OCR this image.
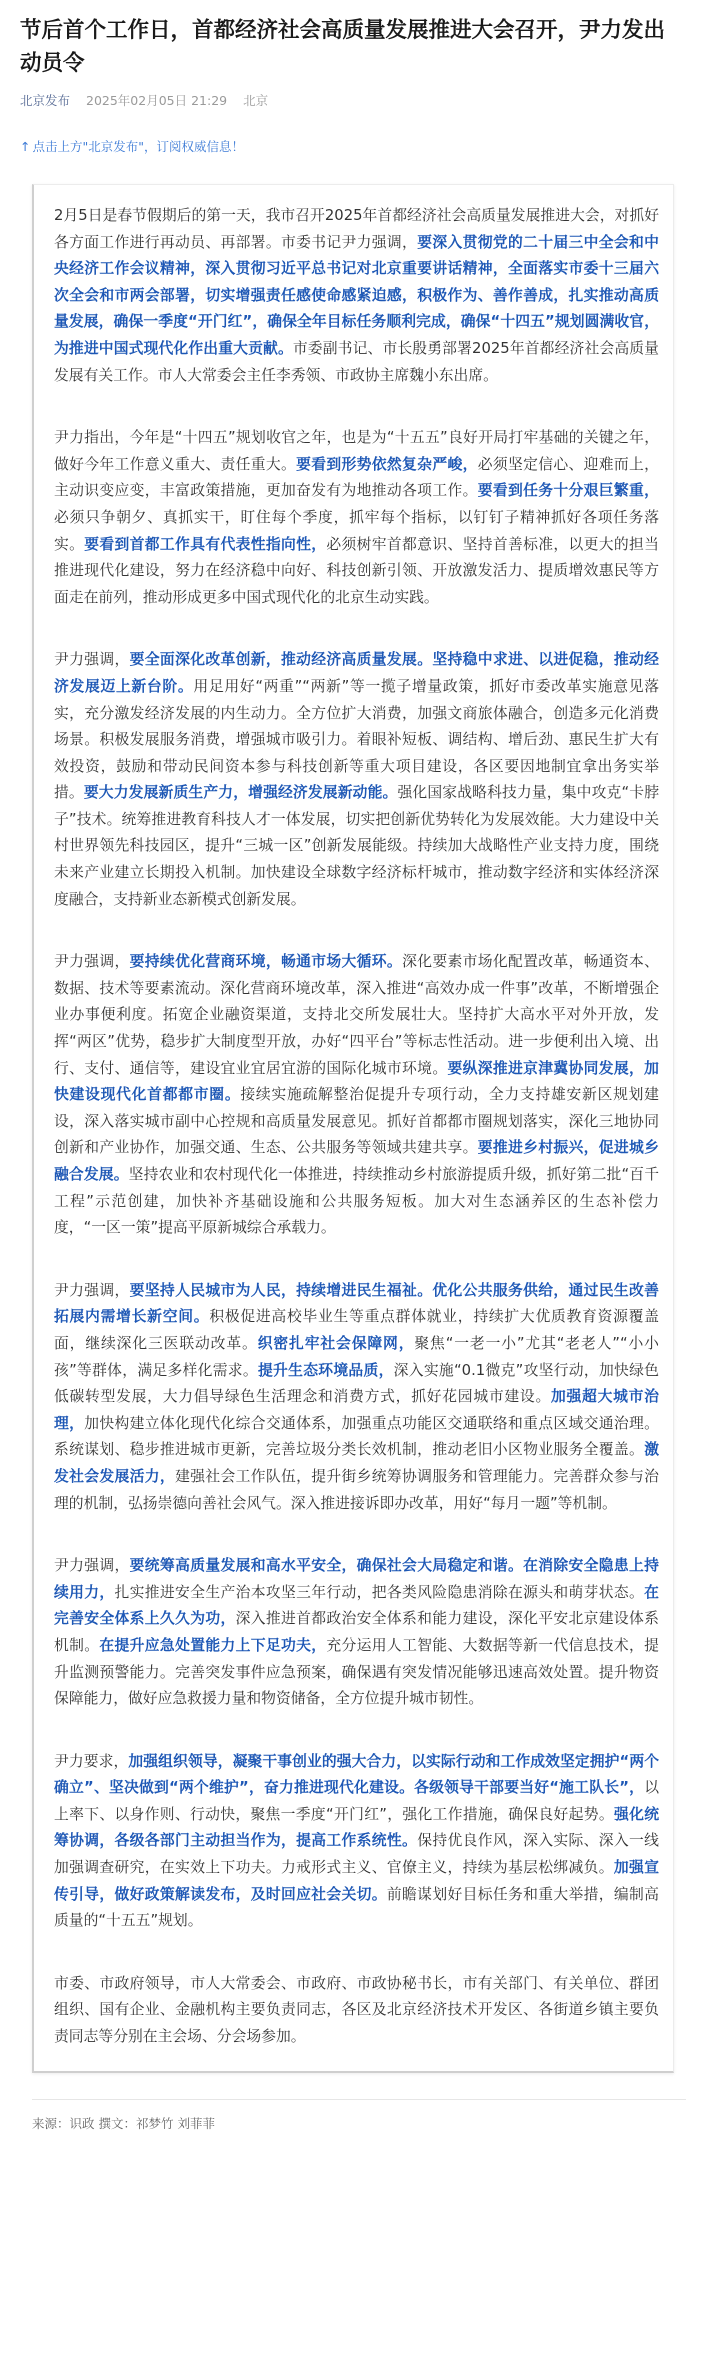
节后首个工作日，首都经济社会高质量发展推进大会召开，尹力发出动员令
北京发布 2025年02月05日 21:29 北京
↑ 点击上方"北京发布"，订阅权威信息！

2月5日是春节假期后的第一天，我市召开2025年首都经济社会高质量发展推进大会，对抓好各方面工作进行再动员、再部署。市委书记尹力强调，要深入贯彻党的二十届三中全会和中央经济工作会议精神，深入贯彻习近平总书记对北京重要讲话精神，全面落实市委十三届六次全会和市两会部署，切实增强责任感使命感紧迫感，积极作为、善作善成，扎实推动高质量发展，确保一季度“开门红”，确保全年目标任务顺利完成，确保“十四五”规划圆满收官，为推进中国式现代化作出重大贡献。市委副书记、市长殷勇部署2025年首都经济社会高质量发展有关工作。市人大常委会主任李秀领、市政协主席魏小东出席。

尹力指出，今年是“十四五”规划收官之年，也是为“十五五”良好开局打牢基础的关键之年，做好今年工作意义重大、责任重大。要看到形势依然复杂严峻，必须坚定信心、迎难而上，主动识变应变，丰富政策措施，更加奋发有为地推动各项工作。要看到任务十分艰巨繁重，必须只争朝夕、真抓实干，盯住每个季度，抓牢每个指标，以钉钉子精神抓好各项任务落实。要看到首都工作具有代表性指向性，必须树牢首都意识、坚持首善标准，以更大的担当推进现代化建设，努力在经济稳中向好、科技创新引领、开放激发活力、提质增效惠民等方面走在前列，推动形成更多中国式现代化的北京生动实践。

尹力强调，要全面深化改革创新，推动经济高质量发展。坚持稳中求进、以进促稳，推动经济发展迈上新台阶。用足用好“两重”“两新”等一揽子增量政策，抓好市委改革实施意见落实，充分激发经济发展的内生动力。全方位扩大消费，加强文商旅体融合，创造多元化消费场景。积极发展服务消费，增强城市吸引力。着眼补短板、调结构、增后劲、惠民生扩大有效投资，鼓励和带动民间资本参与科技创新等重大项目建设，各区要因地制宜拿出务实举措。要大力发展新质生产力，增强经济发展新动能。强化国家战略科技力量，集中攻克“卡脖子”技术。统筹推进教育科技人才一体发展，切实把创新优势转化为发展效能。大力建设中关村世界领先科技园区，提升“三城一区”创新发展能级。持续加大战略性产业支持力度，围绕未来产业建立长期投入机制。加快建设全球数字经济标杆城市，推动数字经济和实体经济深度融合，支持新业态新模式创新发展。

尹力强调，要持续优化营商环境，畅通市场大循环。深化要素市场化配置改革，畅通资本、数据、技术等要素流动。深化营商环境改革，深入推进“高效办成一件事”改革，不断增强企业办事便利度。拓宽企业融资渠道，支持北交所发展壮大。坚持扩大高水平对外开放，发挥“两区”优势，稳步扩大制度型开放，办好“四平台”等标志性活动。进一步便利出入境、出行、支付、通信等，建设宜业宜居宜游的国际化城市环境。要纵深推进京津冀协同发展，加快建设现代化首都都市圈。接续实施疏解整治促提升专项行动，全力支持雄安新区规划建设，深入落实城市副中心控规和高质量发展意见。抓好首都都市圈规划落实，深化三地协同创新和产业协作，加强交通、生态、公共服务等领域共建共享。要推进乡村振兴，促进城乡融合发展。坚持农业和农村现代化一体推进，持续推动乡村旅游提质升级，抓好第二批“百千工程”示范创建，加快补齐基础设施和公共服务短板。加大对生态涵养区的生态补偿力度，“一区一策”提高平原新城综合承载力。

尹力强调，要坚持人民城市为人民，持续增进民生福祉。优化公共服务供给，通过民生改善拓展内需增长新空间。积极促进高校毕业生等重点群体就业，持续扩大优质教育资源覆盖面，继续深化三医联动改革。织密扎牢社会保障网，聚焦“一老一小”尤其“老老人”“小小孩”等群体，满足多样化需求。提升生态环境品质，深入实施“0.1微克”攻坚行动，加快绿色低碳转型发展，大力倡导绿色生活理念和消费方式，抓好花园城市建设。加强超大城市治理，加快构建立体化现代化综合交通体系，加强重点功能区交通联络和重点区域交通治理。系统谋划、稳步推进城市更新，完善垃圾分类长效机制，推动老旧小区物业服务全覆盖。激发社会发展活力，建强社会工作队伍，提升街乡统筹协调服务和管理能力。完善群众参与治理的机制，弘扬崇德向善社会风气。深入推进接诉即办改革，用好“每月一题”等机制。

尹力强调，要统筹高质量发展和高水平安全，确保社会大局稳定和谐。在消除安全隐患上持续用力，扎实推进安全生产治本攻坚三年行动，把各类风险隐患消除在源头和萌芽状态。在完善安全体系上久久为功，深入推进首都政治安全体系和能力建设，深化平安北京建设体系机制。在提升应急处置能力上下足功夫，充分运用人工智能、大数据等新一代信息技术，提升监测预警能力。完善突发事件应急预案，确保遇有突发情况能够迅速高效处置。提升物资保障能力，做好应急救援力量和物资储备，全方位提升城市韧性。

尹力要求，加强组织领导，凝聚干事创业的强大合力，以实际行动和工作成效坚定拥护“两个确立”、坚决做到“两个维护”，奋力推进现代化建设。各级领导干部要当好“施工队长”，以上率下、以身作则、行动快，聚焦一季度“开门红”，强化工作措施，确保良好起势。强化统筹协调，各级各部门主动担当作为，提高工作系统性。保持优良作风，深入实际、深入一线加强调查研究，在实效上下功夫。力戒形式主义、官僚主义，持续为基层松绑减负。加强宣传引导，做好政策解读发布，及时回应社会关切。前瞻谋划好目标任务和重大举措，编制高质量的“十五五”规划。

市委、市政府领导，市人大常委会、市政府、市政协秘书长，市有关部门、有关单位、群团组织、国有企业、金融机构主要负责同志，各区及北京经济技术开发区、各街道乡镇主要负责同志等分别在主会场、分会场参加。

来源：识政 撰文：祁梦竹 刘菲菲
